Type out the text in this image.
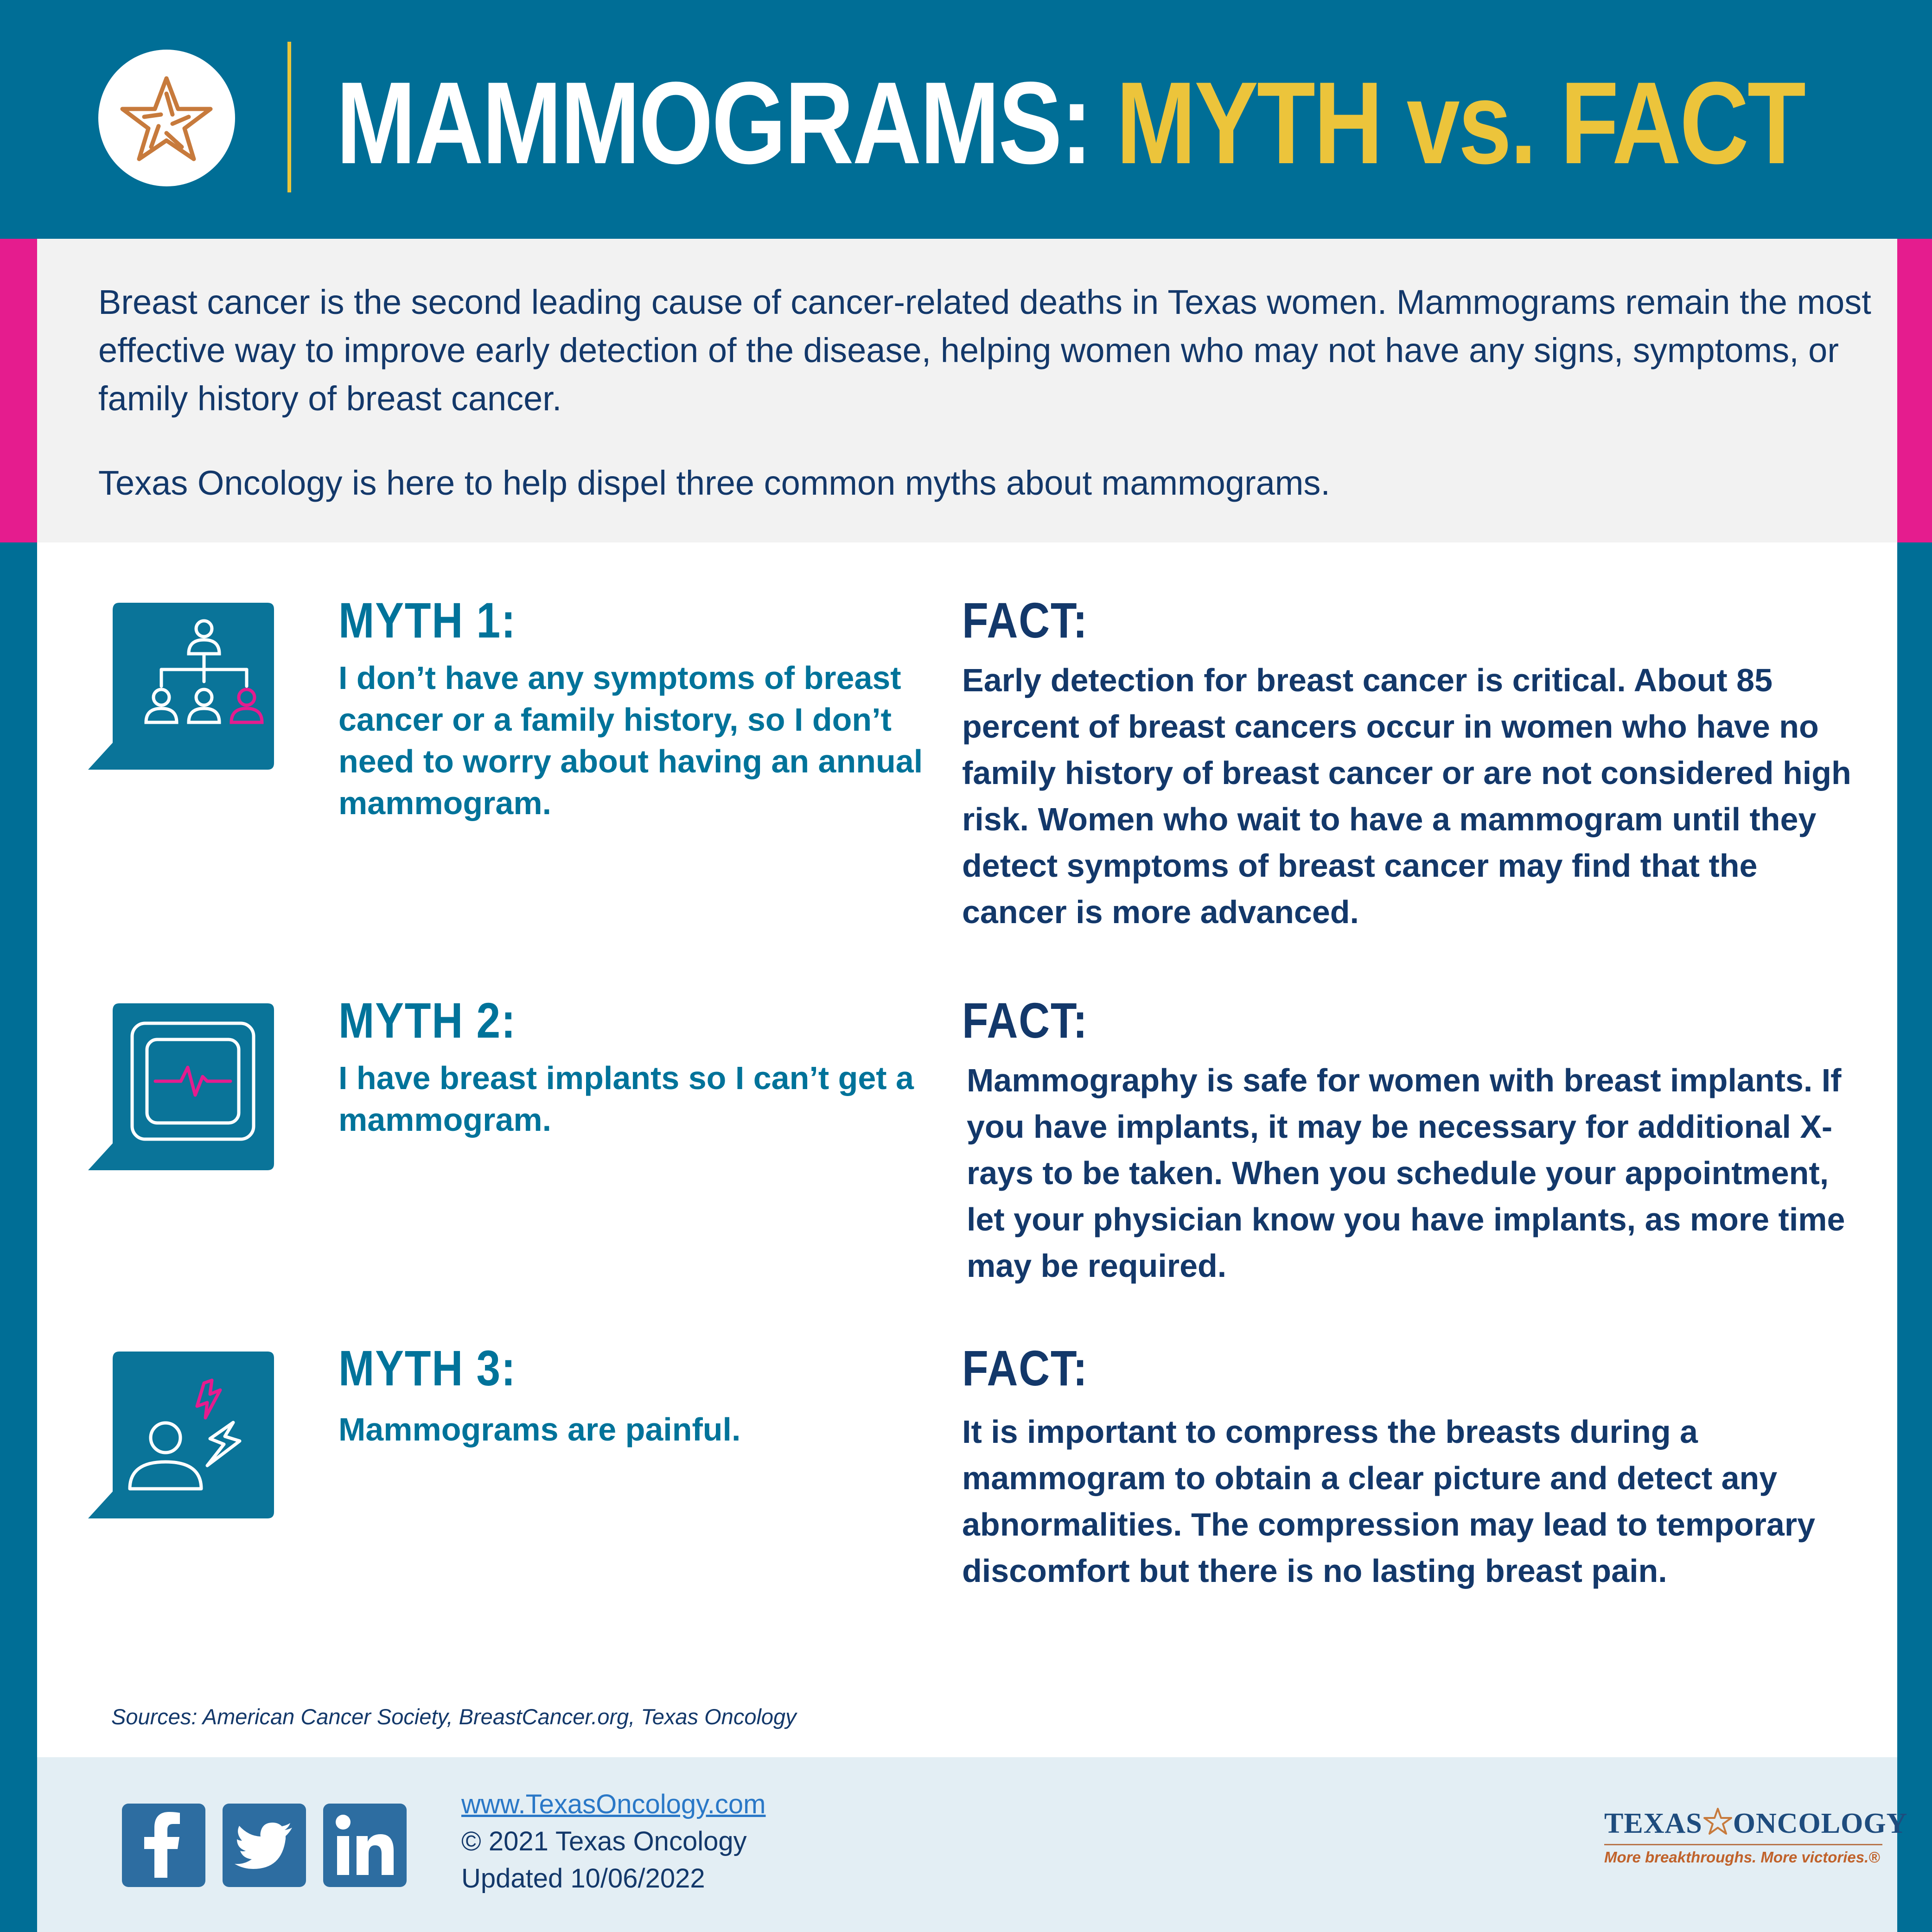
MAMMOGRAMS: MYTH vs. FACT

Breast cancer is the second leading cause of cancer-related deaths in Texas women. Mammograms remain the most effective way to improve early detection of the disease, helping women who may not have any signs, symptoms, or family history of breast cancer.

Texas Oncology is here to help dispel three common myths about mammograms.

MYTH 1:

I don’t have any symptoms of breast cancer or a family history, so I don’t need to worry about having an annual mammogram.

FACT:

Early detection for breast cancer is critical. About 85 percent of breast cancers occur in women who have no family history of breast cancer or are not considered high risk. Women who wait to have a mammogram until they detect symptoms of breast cancer may find that the cancer is more advanced.

MYTH 2:

I have breast implants so I can’t get a mammogram.

FACT:

Mammography is safe for women with breast implants. If you have implants, it may be necessary for additional X-rays to be taken. When you schedule your appointment, let your physician know you have implants, as more time may be required.

MYTH 3:

Mammograms are painful.

FACT:

It is important to compress the breasts during a mammogram to obtain a clear picture and detect any abnormalities. The compression may lead to temporary discomfort but there is no lasting breast pain.

Sources: American Cancer Society, BreastCancer.org, Texas Oncology

www.TexasOncology.com

© 2021 Texas Oncology

Updated 10/06/2022

TEXAS ONCOLOGY

More breakthroughs. More victories.®
